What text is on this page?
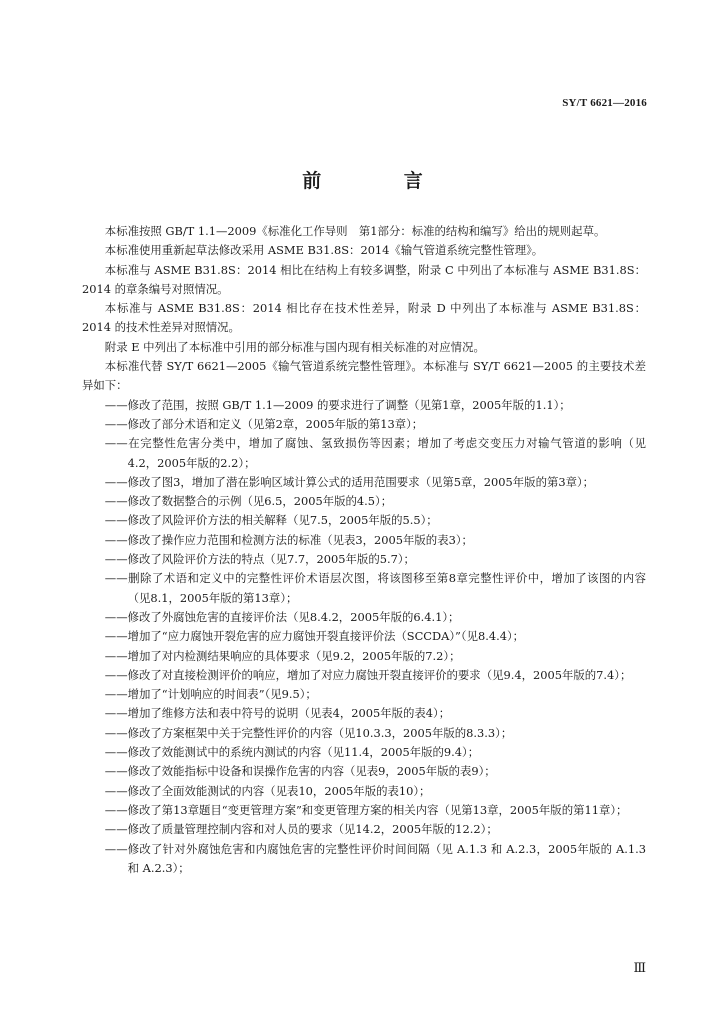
SY/T 6621—2016
前 言

本标准按照 GB/T 1.1—2009《标准化工作导则　第1部分：标准的结构和编写》给出的规则起草。

本标准使用重新起草法修改采用 ASME B31.8S：2014《输气管道系统完整性管理》。

本标准与 ASME B31.8S：2014 相比在结构上有较多调整，附录 C 中列出了本标准与 ASME B31.8S：2014 的章条编号对照情况。

本标准与 ASME B31.8S：2014 相比存在技术性差异，附录 D 中列出了本标准与 ASME B31.8S：2014 的技术性差异对照情况。

附录 E 中列出了本标准中引用的部分标准与国内现有相关标准的对应情况。

本标准代替 SY/T 6621—2005《输气管道系统完整性管理》。本标准与 SY/T 6621—2005 的主要技术差异如下：

——修改了范围，按照 GB/T 1.1—2009 的要求进行了调整（见第1章，2005年版的1.1）；

——修改了部分术语和定义（见第2章，2005年版的第13章）；

——在完整性危害分类中，增加了腐蚀、氢致损伤等因素；增加了考虑交变压力对输气管道的影响（见4.2，2005年版的2.2）；

——修改了图3，增加了潜在影响区域计算公式的适用范围要求（见第5章，2005年版的第3章）；

——修改了数据整合的示例（见6.5，2005年版的4.5）；

——修改了风险评价方法的相关解释（见7.5，2005年版的5.5）；

——修改了操作应力范围和检测方法的标准（见表3，2005年版的表3）；

——修改了风险评价方法的特点（见7.7，2005年版的5.7）；

——删除了术语和定义中的完整性评价术语层次图，将该图移至第8章完整性评价中，增加了该图的内容（见8.1，2005年版的第13章）；

——修改了外腐蚀危害的直接评价法（见8.4.2，2005年版的6.4.1）；

——增加了“应力腐蚀开裂危害的应力腐蚀开裂直接评价法（SCCDA）”（见8.4.4）；

——增加了对内检测结果响应的具体要求（见9.2，2005年版的7.2）；

——修改了对直接检测评价的响应，增加了对应力腐蚀开裂直接评价的要求（见9.4，2005年版的7.4）；

——增加了“计划响应的时间表”（见9.5）；

——增加了维修方法和表中符号的说明（见表4，2005年版的表4）；

——修改了方案框架中关于完整性评价的内容（见10.3.3，2005年版的8.3.3）；

——修改了效能测试中的系统内测试的内容（见11.4，2005年版的9.4）；

——修改了效能指标中设备和误操作危害的内容（见表9，2005年版的表9）；

——修改了全面效能测试的内容（见表10，2005年版的表10）；

——修改了第13章题目“变更管理方案”和变更管理方案的相关内容（见第13章，2005年版的第11章）；

——修改了质量管理控制内容和对人员的要求（见14.2，2005年版的12.2）；

——修改了针对外腐蚀危害和内腐蚀危害的完整性评价时间间隔（见 A.1.3 和 A.2.3，2005年版的 A.1.3 和 A.2.3）；

Ⅲ
